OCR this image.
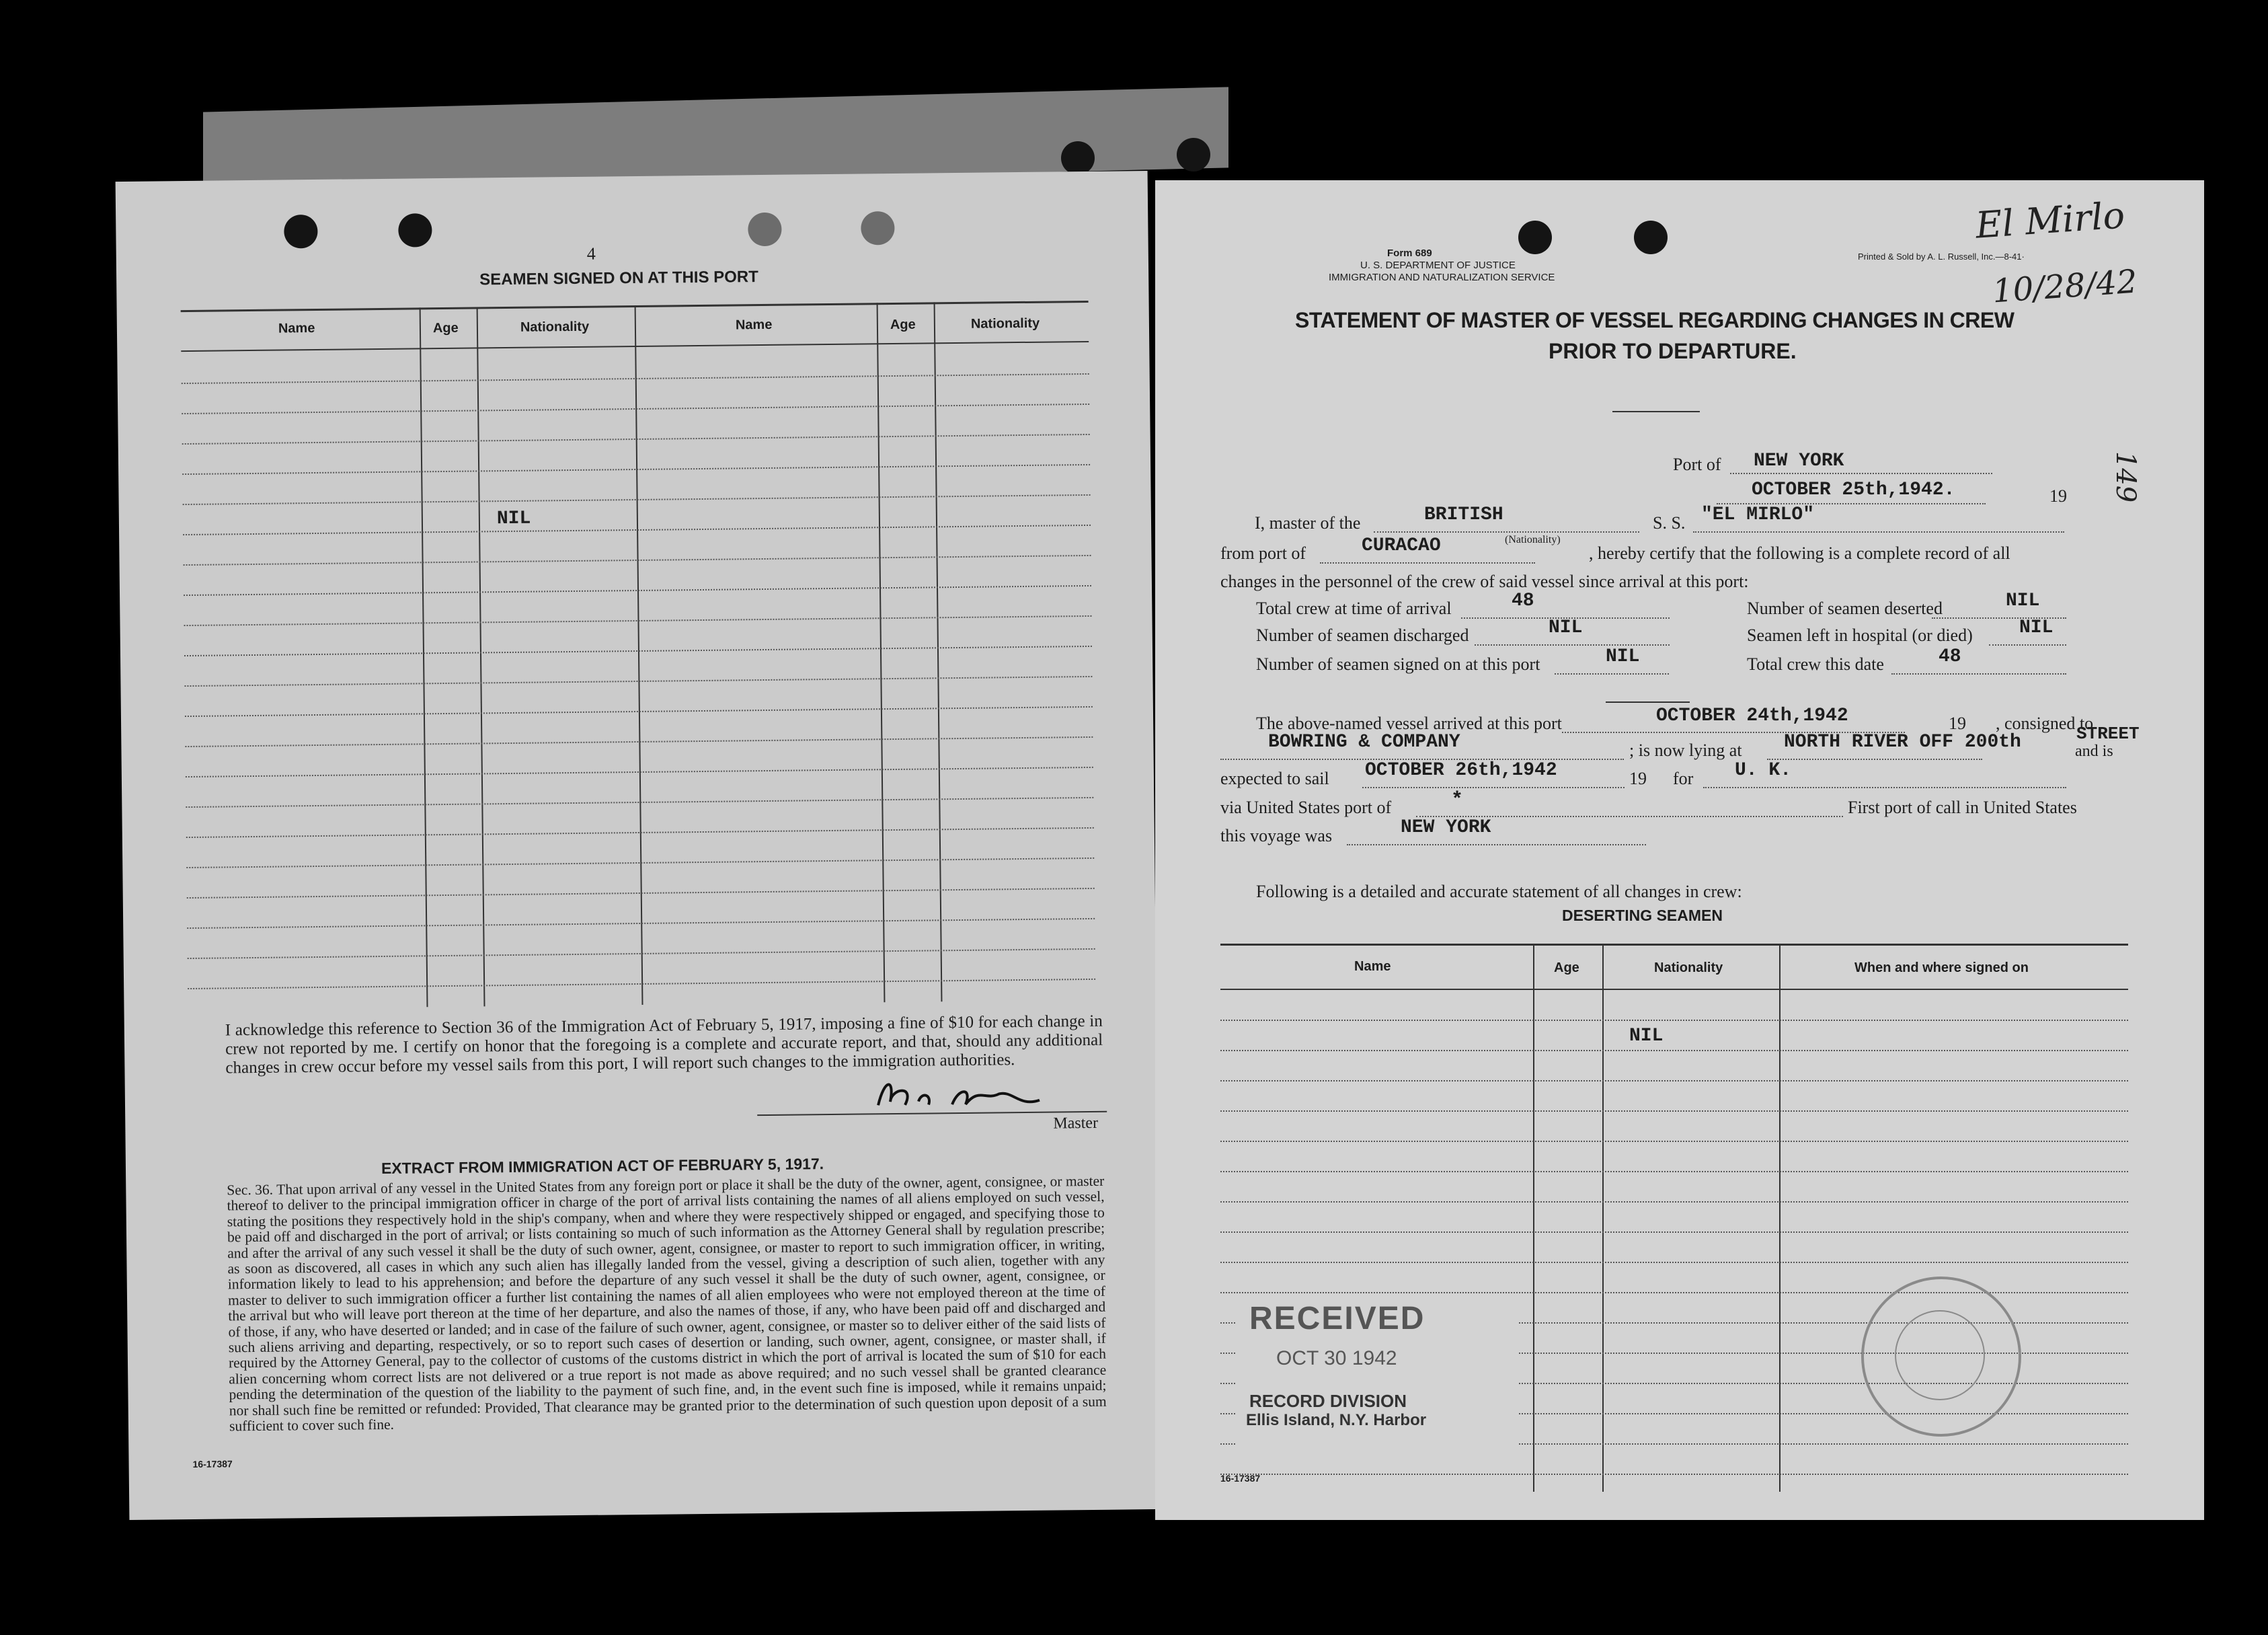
4
SEAMEN SIGNED ON AT THIS PORT
Name	Age	Nationality	Name	Age	Nationality
NIL
I acknowledge this reference to Section 36 of the Immigration Act of February 5, 1917, imposing a fine of $10 for each change in crew not reported by me. I certify on honor that the foregoing is a complete and accurate report, and that, should any additional changes in crew occur before my vessel sails from this port, I will report such changes to the immigration authorities.
Master
EXTRACT FROM IMMIGRATION ACT OF FEBRUARY 5, 1917.
Sec. 36. That upon arrival of any vessel in the United States from any foreign port or place it shall be the duty of the owner, agent, consignee, or master thereof to deliver to the principal immigration officer in charge of the port of arrival lists containing the names of all aliens employed on such vessel, stating the positions they respectively hold in the ship's company, when and where they were respectively shipped or engaged, and specifying those to be paid off and discharged in the port of arrival; or lists containing so much of such information as the Attorney General shall by regulation prescribe; and after the arrival of any such vessel it shall be the duty of such owner, agent, consignee, or master to report to such immigration officer, in writing, as soon as discovered, all cases in which any such alien has illegally landed from the vessel, giving a description of such alien, together with any information likely to lead to his apprehension; and before the departure of any such vessel it shall be the duty of such owner, agent, consignee, or master to deliver to such immigration officer a further list containing the names of all alien employees who were not employed thereon at the time of the arrival but who will leave port thereon at the time of her departure, and also the names of those, if any, who have been paid off and discharged and of those, if any, who have deserted or landed; and in case of the failure of such owner, agent, consignee, or master so to deliver either of the said lists of such aliens arriving and departing, respectively, or so to report such cases of desertion or landing, such owner, agent, consignee, or master shall, if required by the Attorney General, pay to the collector of customs of the customs district in which the port of arrival is located the sum of $10 for each alien concerning whom correct lists are not delivered or a true report is not made as above required; and no such vessel shall be granted clearance pending the determination of the question of the liability to the payment of such fine, and, in the event such fine is imposed, while it remains unpaid; nor shall such fine be remitted or refunded: Provided, That clearance may be granted prior to the determination of such question upon deposit of a sum sufficient to cover such fine.
16-17387
Form 689
U. S. DEPARTMENT OF JUSTICE
IMMIGRATION AND NATURALIZATION SERVICE
Printed & Sold by A. L. Russell, Inc.—8-41·
El Mirlo
10/28/42
149
STATEMENT OF MASTER OF VESSEL REGARDING CHANGES IN CREW
PRIOR TO DEPARTURE.
Port of NEW YORK
OCTOBER 25th,1942.	19
I, master of the	BRITISH	S. S. "EL MIRLO"
(Nationality)
from port of	CURACAO	, hereby certify that the following is a complete record of all
changes in the personnel of the crew of said vessel since arrival at this port:
Total crew at time of arrival	48	Number of seamen deserted	NIL
Number of seamen discharged	NIL	Seamen left in hospital (or died) NIL
Number of seamen signed on at this port	NIL	Total crew this date	48
The above-named vessel arrived at this port	OCTOBER 24th,1942	19 , consigned to
BOWRING & COMPANY	; is now lying at NORTH RIVER OFF 200th	STREET
and is
expected to sail OCTOBER 26th,1942	19 for U. K.
via United States port of	*	First port of call in United States
this voyage was	NEW YORK
Following is a detailed and accurate statement of all changes in crew:
DESERTING SEAMEN
Name	Age	Nationality	When and where signed on
NIL
RECEIVED
OCT 30 1942
RECORD DIVISION
Ellis Island, N.Y. Harbor
16-17387
